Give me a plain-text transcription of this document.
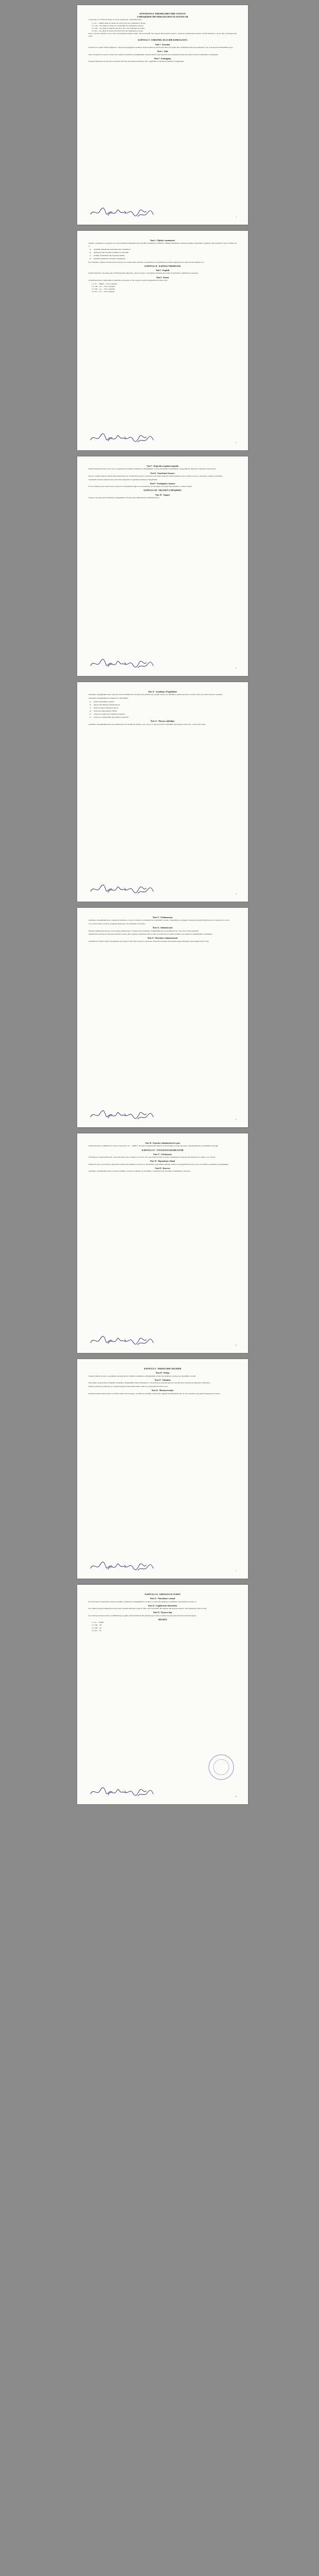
KONTRATA E THEMELIMIT DHE STATUTI
I SHOQERISE ME PERGJEGJESI TE KUFIZUAR
Sot me date 10.10.2013 ne Tirane, ne zyren e mesiperme, u mblodhen palet:
1. Z. IL ... DOMI, lindur ne Tirane, me 16.03.1974, me vendbanim ne Tirane;
2. Z. AR ... IN, lindur ne Tirane, me 12.06.1968, me vendbanim ne Tirane;
3. Z. ER ... AJ, lindur ne Shkoder, me 20.01.1971, me vendbanim ne Tirane;
4. Z. RI ... TA, lindur ne Tirane, me 05.09.1979, me vendbanim ne Tirane.
Keta te cilet me vullnetin e tyre te lire, ne perputhje me ligjin nr. 9901, date 14.04.2008 "Per tregtaret dhe shoqerite tregtare", vendosen te themelojne shoqerine "ECM'S Engineers." sh.p.k. dhe te miratojne kete statut.
KAPITULLI I · EMERTIMI, SELIA DHE KOHEZGJATJA
Neni 1 · Emertimi
Shoqeria do te quhet "ECM'S Engineers." shoqeri me pergjegjesi te kufizuar. Shoqeria mund te perdore kete emer ne te gjitha aktet, dokumentet dhe korrespondencen e saj, te shoqeruar me shkurtimin sh.p.k.
Neni 2 · Selia
Selia e shoqerise do te jete ne Tirane. Me vendim te Asamblese se Pergjithshme, shoqeria mund te hape dege dhe zyra perfaqesimi brenda dhe jashte territorit te Republikes se Shqiperise.
Neni 3 · Kohezgjatja
Shoqeria themelohet per nje kohe te pacaktuar dhe fiton personalitet juridik nga dita e regjistrimit ne Qendren Kombetare te Regjistrimit.
1
Neni 4 · Objekti i veprimtarise
Objekti i veprimtarise se shoqerise do te jete projektimi, mbikeqyrja dhe kolaudimi i punimeve te ndertimit, studimet inxhinierike, konsulenca teknike, menaxhimi i projekteve dhe veprimtari te tjera te lidhura me to.
a)	projektim arkitektonik, konstruktiv dhe i instalimeve;
b)	mbikeqyrje dhe kolaudim i punimeve te ndertimit;
c)	studime te fizibilitetit dhe vleresime teknike;
d)	sherbime konsulence ne fushen e inxhinierise.
Per realizimin e objektit, shoqeria mund te kryeje cdo veprim tregtar, financiar, te luajtshem ose te paluajtshem qe lidhet drejtperdrejt ose terthorazi me objektin e saj.
KAPITULLI II · KAPITALI THEMELTAR
Neni 5 · Kapitali
Kapitali themeltar i shoqerise eshte 100.000 (njeqind mije) leke, i ndare ne kuota, i cili paguhet plotesisht nga ortaket ne momentin e regjistrimit te shoqerise.
Neni 6 · Kuotat
Ortaket kane kuotat e meposhtme ne kapitalin e shoqerise, te cilat u japin te drejta ne perpjestim me vleren e tyre:
1. Z. IL ... DOMI — 25% e kapitalit;
2. Z. AR ... IN — 25% e kapitalit;
3. Z. ER ... AJ — 25% e kapitalit;
4. Z. RI ... TA — 25% e kapitalit.
2
Neni 7 · Rritja dhe zvogelimi i kapitalit
Kapitali themeltar mund te rritet ose te zvogelohet me vendim te Asamblese se Pergjithshme, te marre me shumice te kualifikuar, ne perputhje me dispozitat e ligjit dhe te ketij statuti.
Neni 8 · Transferimi i kuotave
Kuotat e ortakeve mund te transferohen lirisht midis tyre. Transferimi i kuotave te personat e trete behet vetem pas ofrimit paraprak te tyre ortakeve te tjere, te cilet kane te drejten e parablerjes.
Transferimi i kuotave behet me akt noterial dhe regjistrohet ne Qendren Kombetare te Regjistrimit.
Neni 9 · Trashegimia e kuotave
Ne rast vdekjeje te nje ortaku, kuota e tij kalon te trashegimtaret ligjore ose testamentare, te cilet hyjne ne te drejtat dhe detyrimet e ortakut te ndjere.
KAPITULLI III · ORGANET E SHOQERISE
Neni 10 · Organet
Organet e shoqerise jane: Asambleja e Pergjithshme e Ortakeve dhe Administratori (Administratoret).
3
Neni 11 · Asambleja e Pergjithshme
Asambleja e Pergjithshme eshte organi me i larte vendimmarres i shoqerise dhe perbehet nga te gjithe ortaket. Ajo mblidhet te pakten nje here ne vit dhe sa here qe e kerkon interesi i shoqerise.
Asambleja e Pergjithshme ka kompetencat e meposhtme:
a)	miraton ndryshimet e statutit;
b)	emeron dhe shkarkon administratoret;
c)	miraton pasqyrat financiare vjetore;
d)	vendos per shperndarjen e fitimit;
e)	vendos per rritjen ose zvogelimin e kapitalit;
f)	vendos per riorganizimin dhe prishjen e shoqerise.
Neni 12 · Thirrja e mbledhjes
Asambleja e Pergjithshme thirret nga administratori me njoftim me shkrim, jo me vone se 15 dite para dates se mbledhjes, ku tregohen vendi, data, ora dhe rendi i dites.
4
Neni 13 · Vendimmarrja
Asambleja e Pergjithshme merr vendime me shumicen e votave te ortakeve te pranishem. Per ndryshimin e statutit, riorganizimin ose prishjen e shoqerise kerkohet shumica prej tre te katertave te votave.
Cdo ortak ka numer votash ne perpjestim me kuoten e tij ne kapitalin e shoqerise.
Neni 14 · Administratori
Shoqeria administrohet nga nje ose me shume administratore te emeruar nga Asambleja e Pergjithshme per nje periudhe deri ne 5 vjet, me te drejte riemerimi.
Administratori perfaqeson shoqerine perballe te treteve dhe ne gjykate, nenshkruan aktet ne emer te saj dhe kryen te gjitha veprimet e nevojshme per administrimin e perditshem.
Neni 15 · Detyrimet e administratorit
Administratori ushtron detyrat me kujdesin e nje tregtari te mire dhe ne interes te shoqerise, mban librat kontabel dhe pergatit pasqyrat financiare sipas legjislacionit ne fuqi.
5
Neni 16 · Emerimi i administratorit te pare
Ortaket emerojne si administrator te pare te shoqerise Z. IL ... DOMI, i cili pranon emerimin dhe deklaron se nuk ndodhet ne asnje nga rastet e papajtueshmerise te parashikuara nga ligji.
KAPITULLI IV · VITI FINANCIAR DHE FITIMI
Neni 17 · Viti financiar
Viti financiar i shoqerise fillon me 1 janar dhe mbaron me 31 dhjetor te cdo viti. Viti i pare financiar fillon ne daten e regjistrimit te shoqerise dhe mbaron me 31 dhjetor te po atij viti.
Neni 18 · Shperndarja e fitimit
Fitimi neto vjetor, pas zbritjes se detyrimeve tatimore dhe krijimit te rezervave te detyrueshme, shperndahet ndermjet ortakeve ne perpjestim me kuotat e tyre, me vendim te Asamblese se Pergjithshme.
Neni 19 · Rezervat
Asambleja e Pergjithshme mund te vendose krijimin e rezervave vullnetare per zhvillimin e veprimtarise dhe investime te metejshme te shoqerise.
6
KAPITULLI V · PRISHJA DHE LIKUIDIMI
Neni 20 · Prishja
Shoqeria prishet ne rastet e parashikuara nga ligji dhe me vendim te Asamblese se Pergjithshme te marre me shumicen e kerkuar per ndryshimin e statutit.
Neni 21 · Likuidimi
Pas prishjes, shoqeria hyn ne likuidim. Asambleja e Pergjithshme emeron likuiduesin, i cili perfaqeson shoqerine gjate procesit dhe kryen veprimet per shlyerjen e detyrimeve.
Pasuria qe mbetet pas shlyerjes se te gjitha detyrimeve shperndahet midis ortakeve ne perpjestim me kuotat e tyre.
Neni 22 · Mosmarreveshjet
Mosmarreveshjet midis ortakeve ose midis ortakeve dhe shoqerise, qe lidhen me zbatimin e ketij statuti, zgjidhen me mirekuptim dhe, ne rast te kunderte, nga gjykata kompetente ne Tirane.
7
KAPITULLI VI · DISPOZITA TE FUNDIT
Neni 23 · Ndryshimet e statutit
Ky statut mund te ndryshohet vetem me vendim te Asamblese se Pergjithshme te ortakeve, te marre me shumicen e kualifikuar te parashikuar ne nenin 13.
Neni 24 · Legjislacioni i zbatueshem
Per ceshtjet qe nuk parashikohen ne kete statut, zbatohen dispozitat e ligjit nr. 9901, date 14.04.2008 "Per tregtaret dhe shoqerite tregtare" dhe legjislacionit tjeter ne fuqi.
Neni 25 · Hyrja ne fuqi
Ky statut hyn ne fuqi ne diten e nenshkrimit nga te gjithe ortaket themelues dhe perbehet nga 25 nene, te hartuar ne pese kopje me fuqi te barabarte ligjore.
ORTAKET
1. Z. IL ... DOMI
2. Z. AR ... IN
3. Z. ER ... AJ
4. Z. RI ... TA
8
